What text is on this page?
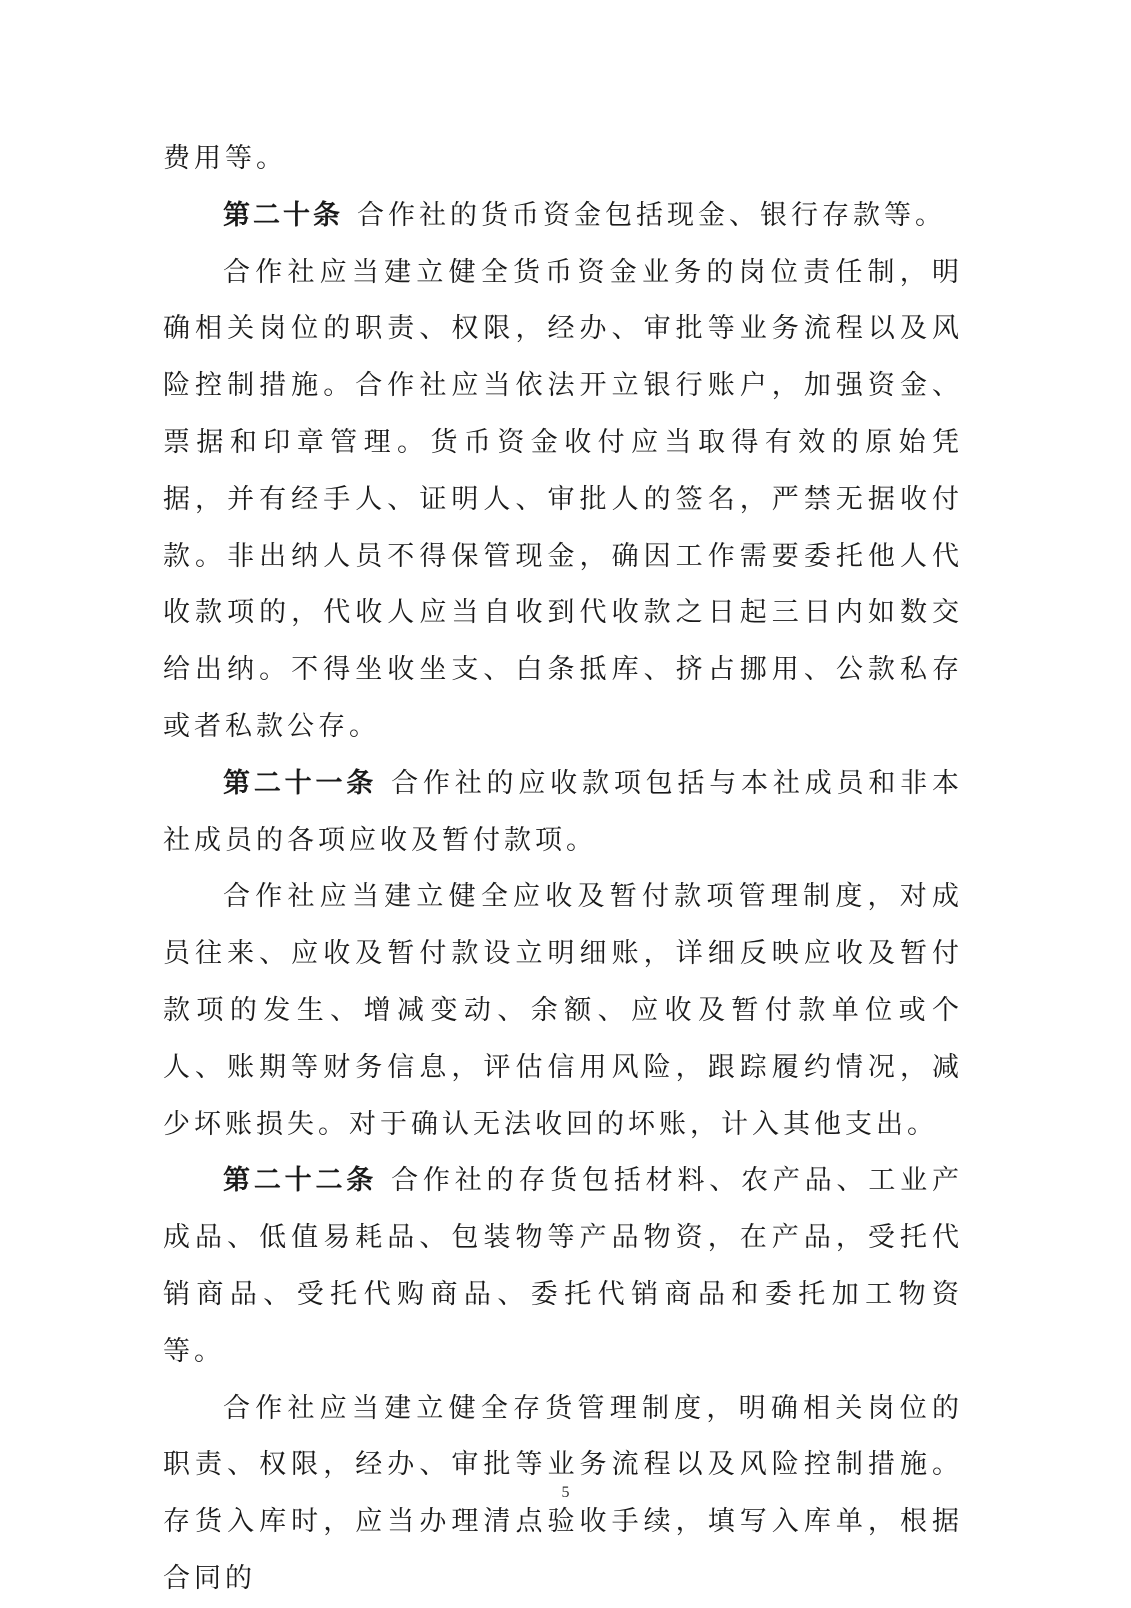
费用等。

第二十条 合作社的货币资金包括现金、银行存款等。

合作社应当建立健全货币资金业务的岗位责任制，明确相关岗位的职责、权限，经办、审批等业务流程以及风险控制措施。合作社应当依法开立银行账户，加强资金、票据和印章管理。货币资金收付应当取得有效的原始凭据，并有经手人、证明人、审批人的签名，严禁无据收付款。非出纳人员不得保管现金，确因工作需要委托他人代收款项的，代收人应当自收到代收款之日起三日内如数交给出纳。不得坐收坐支、白条抵库、挤占挪用、公款私存或者私款公存。

第二十一条 合作社的应收款项包括与本社成员和非本社成员的各项应收及暂付款项。

合作社应当建立健全应收及暂付款项管理制度，对成员往来、应收及暂付款设立明细账，详细反映应收及暂付款项的发生、增减变动、余额、应收及暂付款单位或个人、账期等财务信息，评估信用风险，跟踪履约情况，减少坏账损失。对于确认无法收回的坏账，计入其他支出。

第二十二条 合作社的存货包括材料、农产品、工业产成品、低值易耗品、包装物等产品物资，在产品，受托代销商品、受托代购商品、委托代销商品和委托加工物资等。

合作社应当建立健全存货管理制度，明确相关岗位的职责、权限，经办、审批等业务流程以及风险控制措施。存货入库时，应当办理清点验收手续，填写入库单，根据合同的

5
